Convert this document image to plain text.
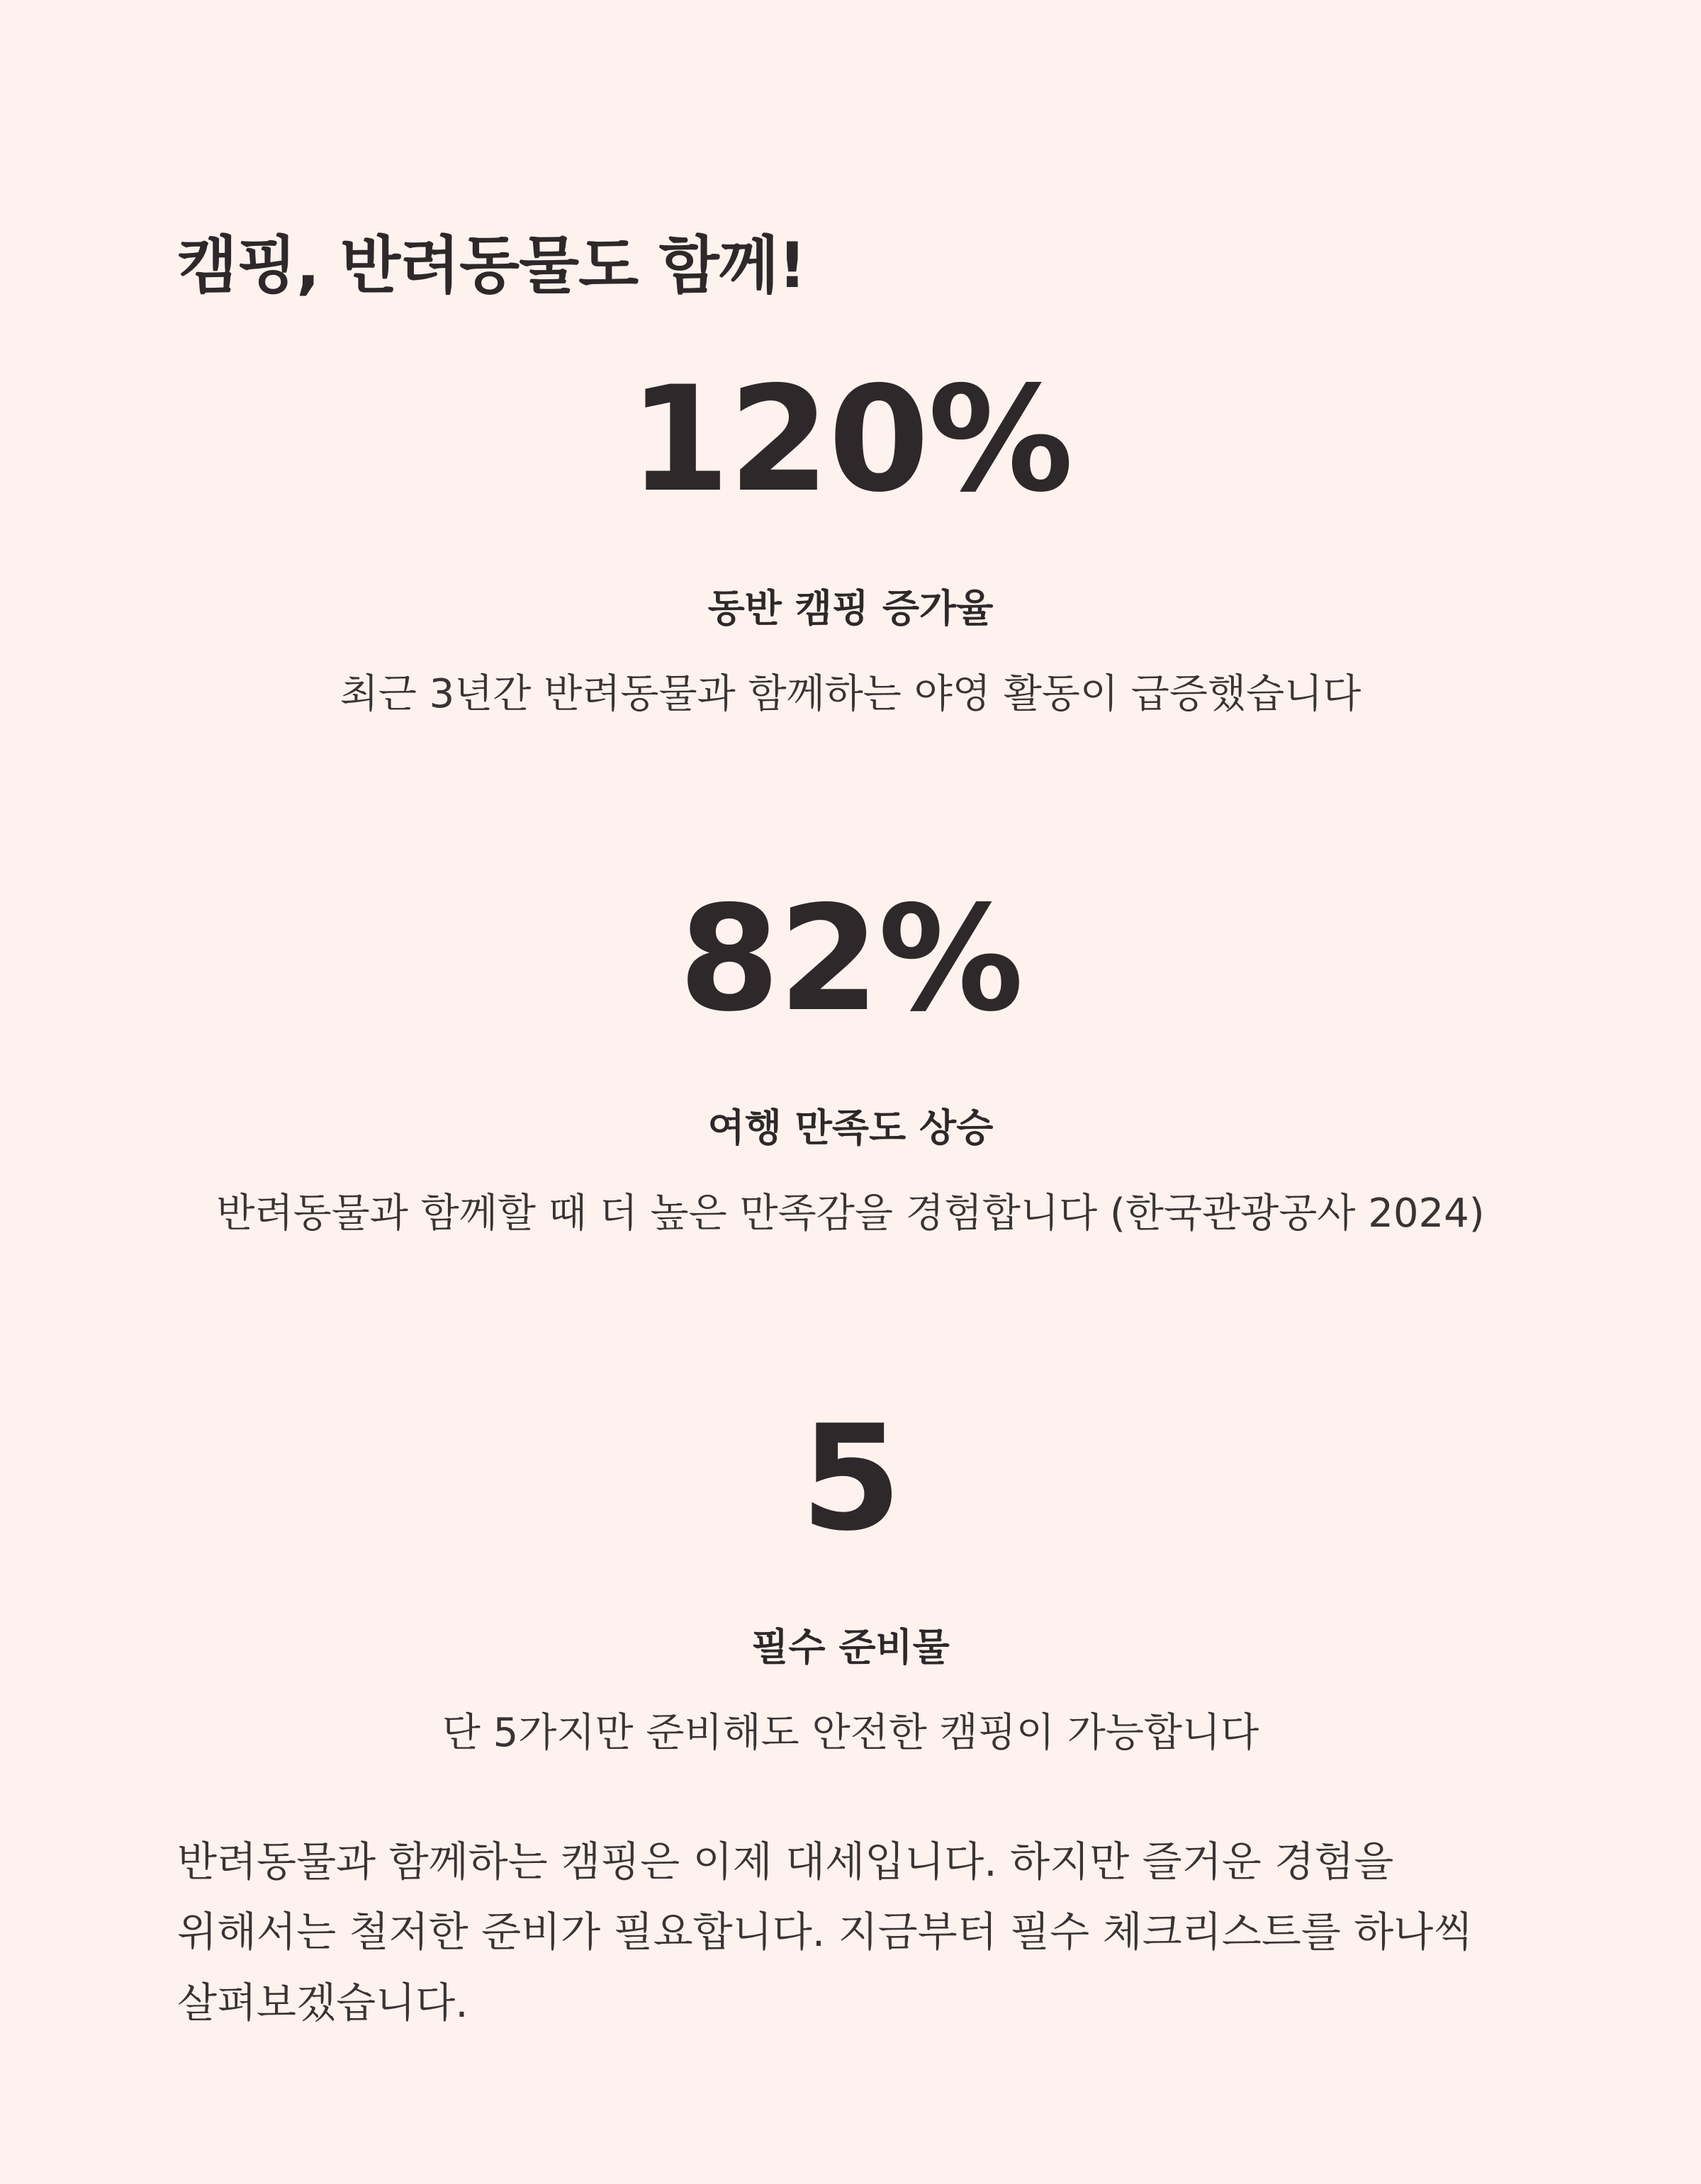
캠핑, 반려동물도 함께!
120%
동반 캠핑 증가율
최근 3년간 반려동물과 함께하는 야영 활동이 급증했습니다
82%
여행 만족도 상승
반려동물과 함께할 때 더 높은 만족감을 경험합니다 (한국관광공사 2024)
5
필수 준비물
단 5가지만 준비해도 안전한 캠핑이 가능합니다

반려동물과 함께하는 캠핑은 이제 대세입니다. 하지만 즐거운 경험을 위해서는 철저한 준비가 필요합니다. 지금부터 필수 체크리스트를 하나씩 살펴보겠습니다.
